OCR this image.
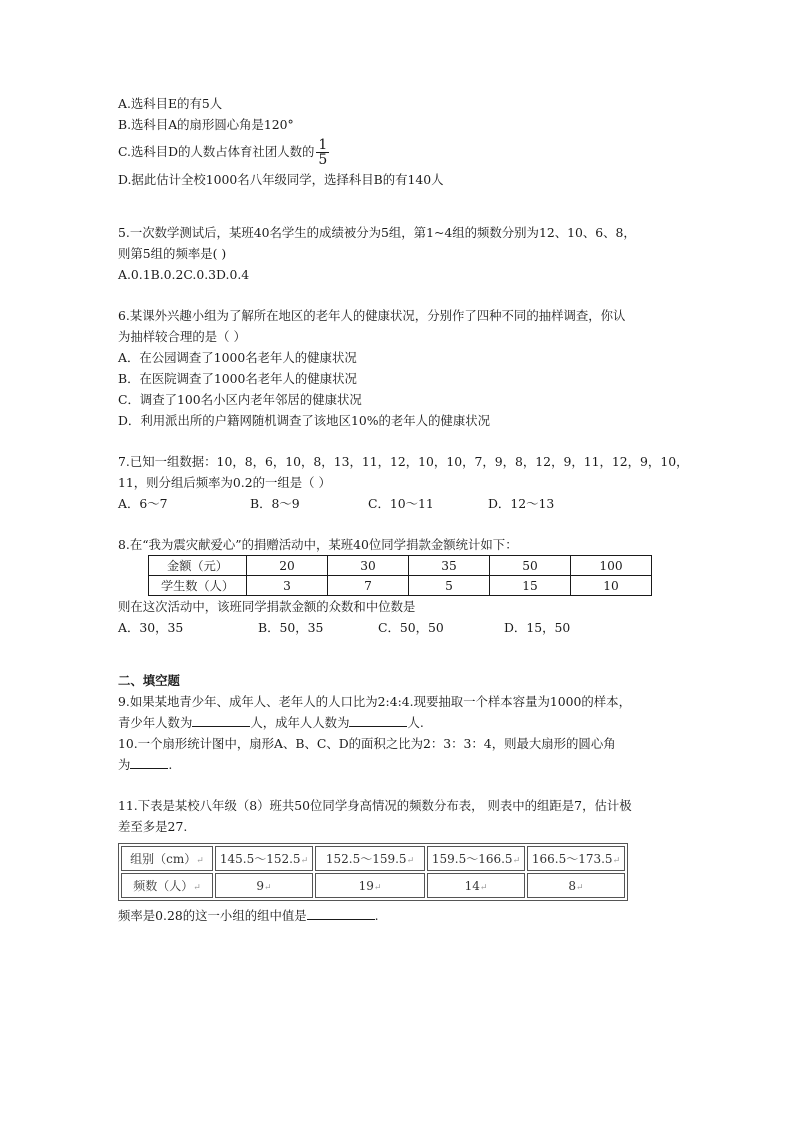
A.选科目E的有5人
B.选科目A的扇形圆心角是120°
C.选科目D的人数占体育社团人数的 $\frac{1}{5}$
D.据此估计全校1000名八年级同学，选择科目B的有140人
5.一次数学测试后，某班40名学生的成绩被分为5组，第1~4组的频数分别为12、10、6、8，
则第5组的频率是( )
A.0.1B.0.2C.0.3D.0.4
6.某课外兴趣小组为了解所在地区的老年人的健康状况，分别作了四种不同的抽样调查，你认
为抽样较合理的是（ ）
A．在公园调查了1000名老年人的健康状况
B．在医院调查了1000名老年人的健康状况
C．调查了100名小区内老年邻居的健康状况
D．利用派出所的户籍网随机调查了该地区10%的老年人的健康状况
7.已知一组数据：10，8，6，10，8，13，11，12，10，10，7，9，8，12，9，11，12，9，10，
11，则分组后频率为0.2的一组是（ ）
A．6～7	B．8～9	C．10～11	D．12～13
8.在“我为震灾献爱心”的捐赠活动中，某班40位同学捐款金额统计如下：
金额（元）	20	30	35	50	100
学生数（人）	3	7	5	15	10
则在这次活动中，该班同学捐款金额的众数和中位数是
A．30，35	B．50，35	C．50，50	D．15，50
二、填空题
9.如果某地青少年、成年人、老年人的人口比为2:4:4.现要抽取一个样本容量为1000的样本，
青少年人数为	人，成年人人数为	人.
10.一个扇形统计图中，扇形A、B、C、D的面积之比为2：3：3：4，则最大扇形的圆心角
为	.
11.下表是某校八年级（8）班共50位同学身高情况的频数分布表， 则表中的组距是7，估计极
差至多是27.
组别（cm）↵	145.5～152.5↵	152.5～159.5↵	159.5～166.5↵	166.5～173.5↵
频数（人）↵	9↵	19↵	14↵	8↵
频率是0.28的这一小组的组中值是	.
